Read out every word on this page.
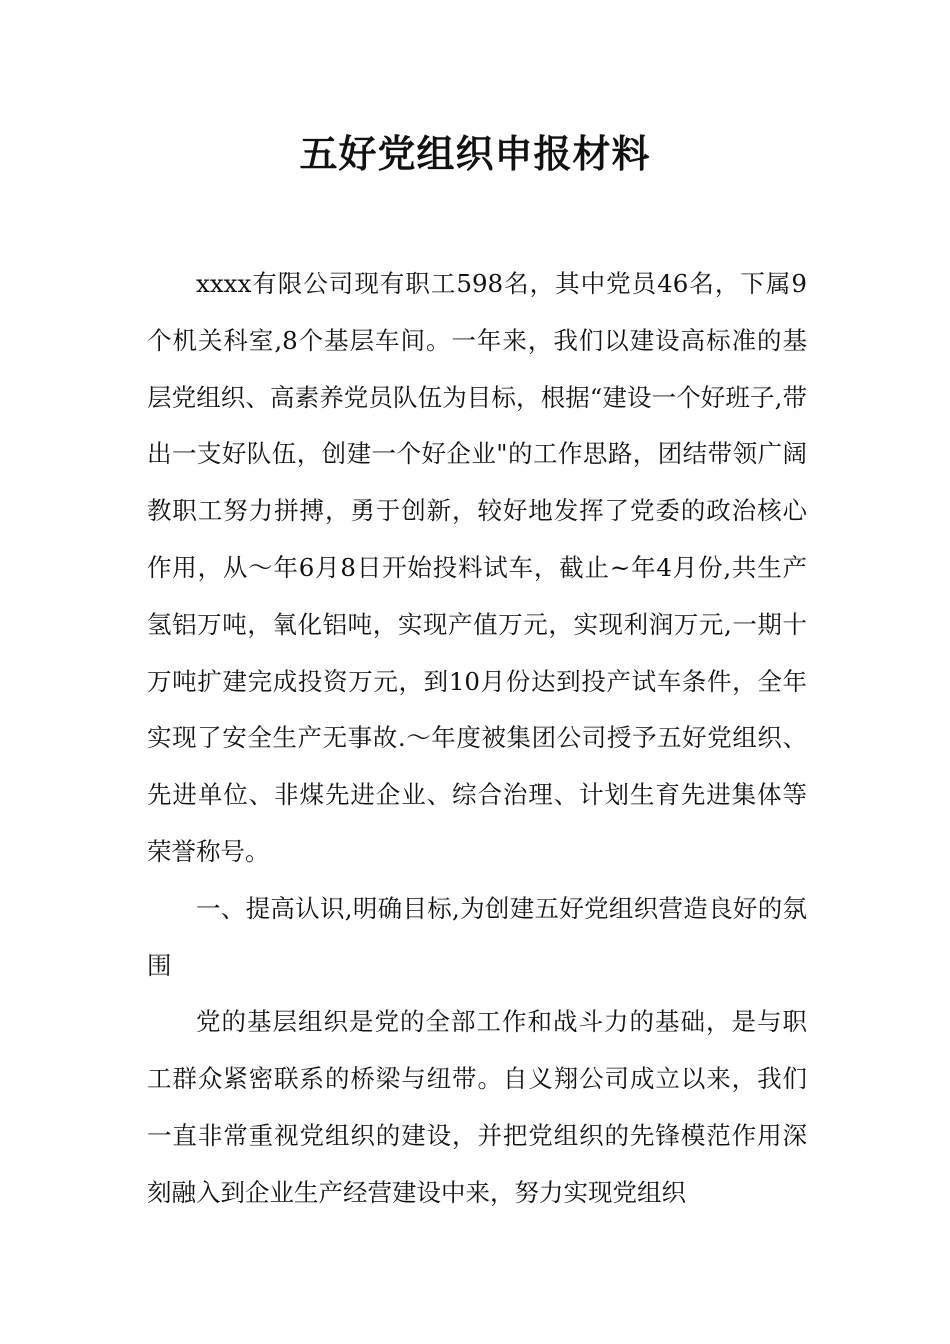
五好党组织申报材料

xxxx有限公司现有职工598名，其中党员46名，下属9个机关科室,8个基层车间。一年来，我们以建设高标准的基层党组织、高素养党员队伍为目标，根据“建设一个好班子,带出一支好队伍，创建一个好企业"的工作思路，团结带领广阔教职工努力拼搏，勇于创新，较好地发挥了党委的政治核心作用，从～年6月8日开始投料试车，截止~年4月份,共生产氢铝万吨，氧化铝吨，实现产值万元，实现利润万元,一期十万吨扩建完成投资万元，到10月份达到投产试车条件，全年实现了安全生产无事故.～年度被集团公司授予五好党组织、先进单位、非煤先进企业、综合治理、计划生育先进集体等荣誉称号。

一、提高认识,明确目标,为创建五好党组织营造良好的氛围

党的基层组织是党的全部工作和战斗力的基础，是与职工群众紧密联系的桥梁与纽带。自义翔公司成立以来，我们一直非常重视党组织的建设，并把党组织的先锋模范作用深刻融入到企业生产经营建设中来，努力实现党组织
